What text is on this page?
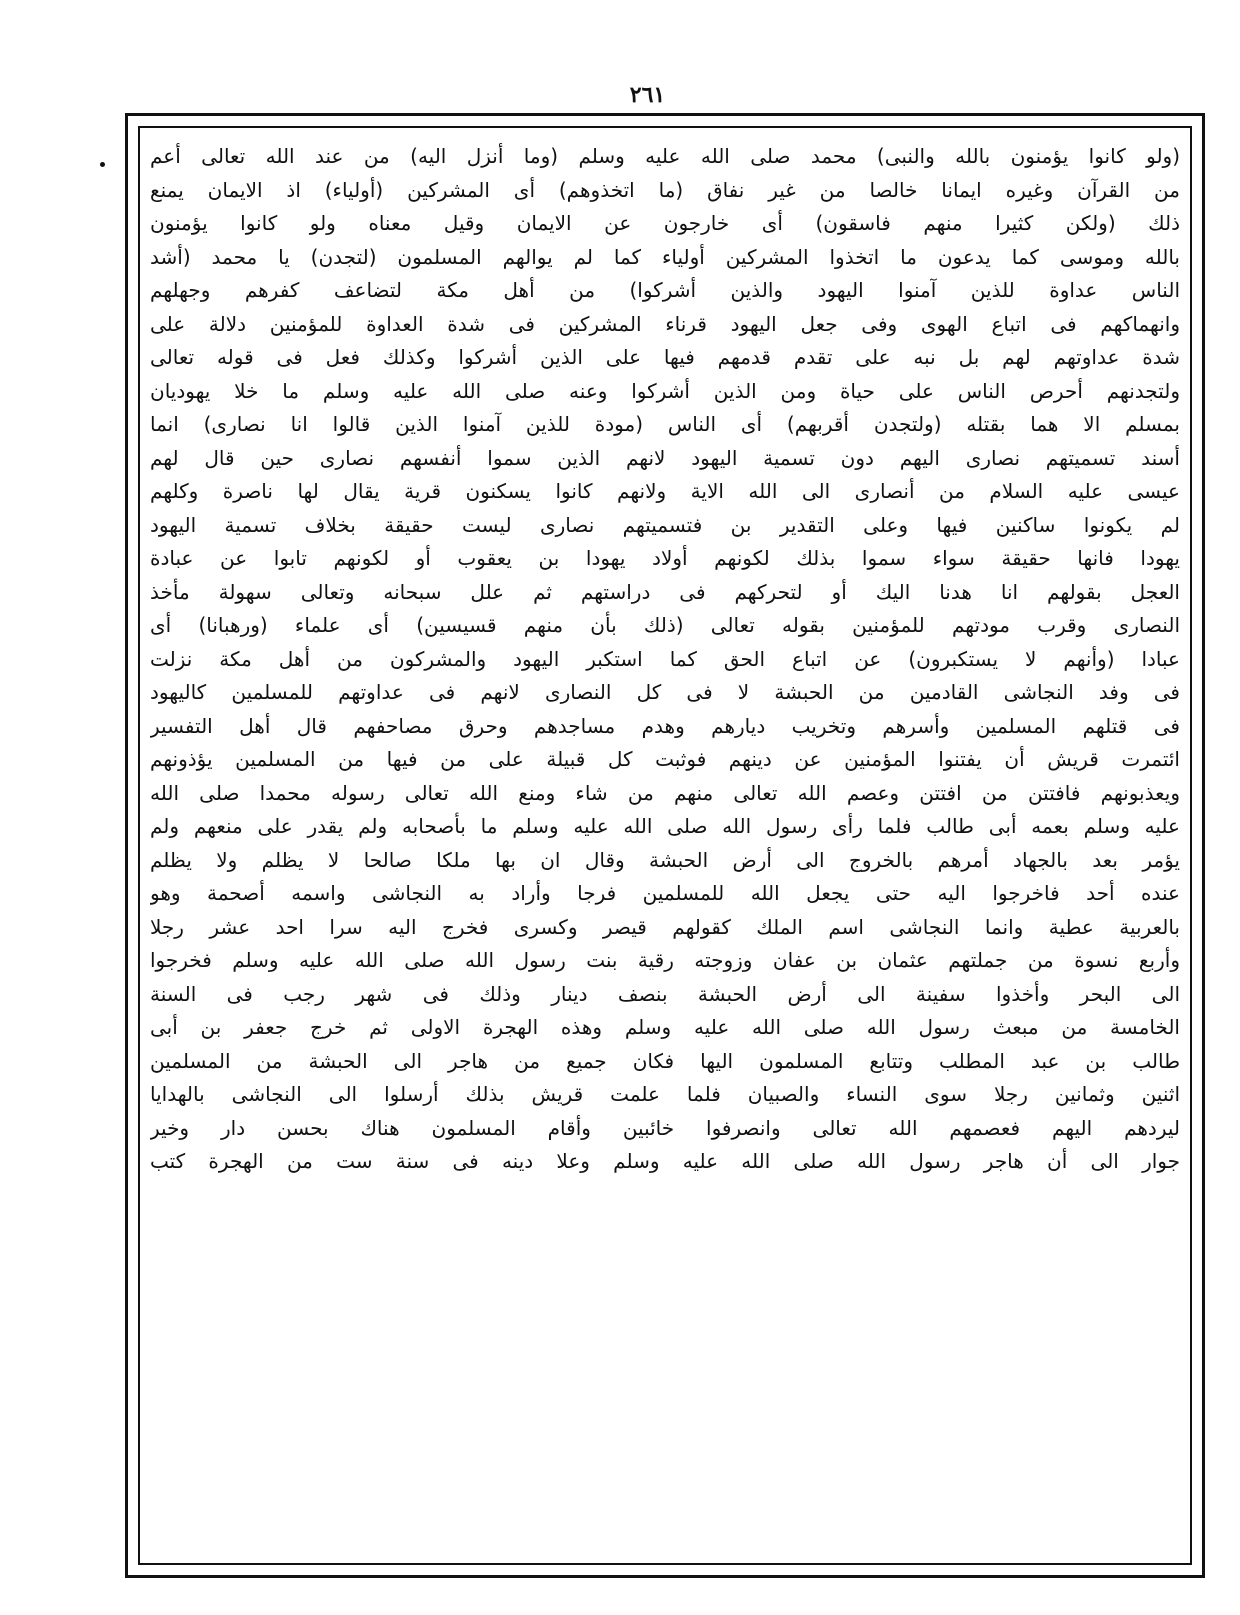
٢٦١
(ولو كانوا يؤمنون بالله والنبى) محمد صلى الله عليه وسلم (وما أنزل اليه) من عند الله تعالى أعم
من القرآن وغيره ايمانا خالصا من غير نفاق (ما اتخذوهم) أى المشركين (أولياء) اذ الايمان يمنع
ذلك (ولكن كثيرا منهم فاسقون) أى خارجون عن الايمان وقيل معناه ولو كانوا يؤمنون
بالله وموسى كما يدعون ما اتخذوا المشركين أولياء كما لم يوالهم المسلمون (لتجدن) يا محمد (أشد
الناس عداوة للذين آمنوا اليهود والذين أشركوا) من أهل مكة لتضاعف كفرهم وجهلهم
وانهماكهم فى اتباع الهوى وفى جعل اليهود قرناء المشركين فى شدة العداوة للمؤمنين دلالة على
شدة عداوتهم لهم بل نبه على تقدم قدمهم فيها على الذين أشركوا وكذلك فعل فى قوله تعالى
ولتجدنهم أحرص الناس على حياة ومن الذين أشركوا وعنه صلى الله عليه وسلم ما خلا يهوديان
بمسلم الا هما بقتله (ولتجدن أقربهم) أى الناس (مودة للذين آمنوا الذين قالوا انا نصارى) انما
أسند تسميتهم نصارى اليهم دون تسمية اليهود لانهم الذين سموا أنفسهم نصارى حين قال لهم
عيسى عليه السلام من أنصارى الى الله الاية ولانهم كانوا يسكنون قرية يقال لها ناصرة وكلهم
لم يكونوا ساكنين فيها وعلى التقدير بن فتسميتهم نصارى ليست حقيقة بخلاف تسمية اليهود
يهودا فانها حقيقة سواء سموا بذلك لكونهم أولاد يهودا بن يعقوب أو لكونهم تابوا عن عبادة
العجل بقولهم انا هدنا اليك أو لتحركهم فى دراستهم ثم علل سبحانه وتعالى سهولة مأخذ
النصارى وقرب مودتهم للمؤمنين بقوله تعالى (ذلك بأن منهم قسيسين) أى علماء (ورهبانا) أى
عبادا (وأنهم لا يستكبرون) عن اتباع الحق كما استكبر اليهود والمشركون من أهل مكة نزلت
فى وفد النجاشى القادمين من الحبشة لا فى كل النصارى لانهم فى عداوتهم للمسلمين كاليهود
فى قتلهم المسلمين وأسرهم وتخريب ديارهم وهدم مساجدهم وحرق مصاحفهم قال أهل التفسير
ائتمرت قريش أن يفتنوا المؤمنين عن دينهم فوثبت كل قبيلة على من فيها من المسلمين يؤذونهم
ويعذبونهم فافتتن من افتتن وعصم الله تعالى منهم من شاء ومنع الله تعالى رسوله محمدا صلى الله
عليه وسلم بعمه أبى طالب فلما رأى رسول الله صلى الله عليه وسلم ما بأصحابه ولم يقدر على منعهم ولم
يؤمر بعد بالجهاد أمرهم بالخروج الى أرض الحبشة وقال ان بها ملكا صالحا لا يظلم ولا يظلم
عنده أحد فاخرجوا اليه حتى يجعل الله للمسلمين فرجا وأراد به النجاشى واسمه أصحمة وهو
بالعربية عطية وانما النجاشى اسم الملك كقولهم قيصر وكسرى فخرج اليه سرا احد عشر رجلا
وأربع نسوة من جملتهم عثمان بن عفان وزوجته رقية بنت رسول الله صلى الله عليه وسلم فخرجوا
الى البحر وأخذوا سفينة الى أرض الحبشة بنصف دينار وذلك فى شهر رجب فى السنة
الخامسة من مبعث رسول الله صلى الله عليه وسلم وهذه الهجرة الاولى ثم خرج جعفر بن أبى
طالب بن عبد المطلب وتتابع المسلمون اليها فكان جميع من هاجر الى الحبشة من المسلمين
اثنين وثمانين رجلا سوى النساء والصبيان فلما علمت قريش بذلك أرسلوا الى النجاشى بالهدايا
ليردهم اليهم فعصمهم الله تعالى وانصرفوا خائبين وأقام المسلمون هناك بحسن دار وخير
جوار الى أن هاجر رسول الله صلى الله عليه وسلم وعلا دينه فى سنة ست من الهجرة كتب
